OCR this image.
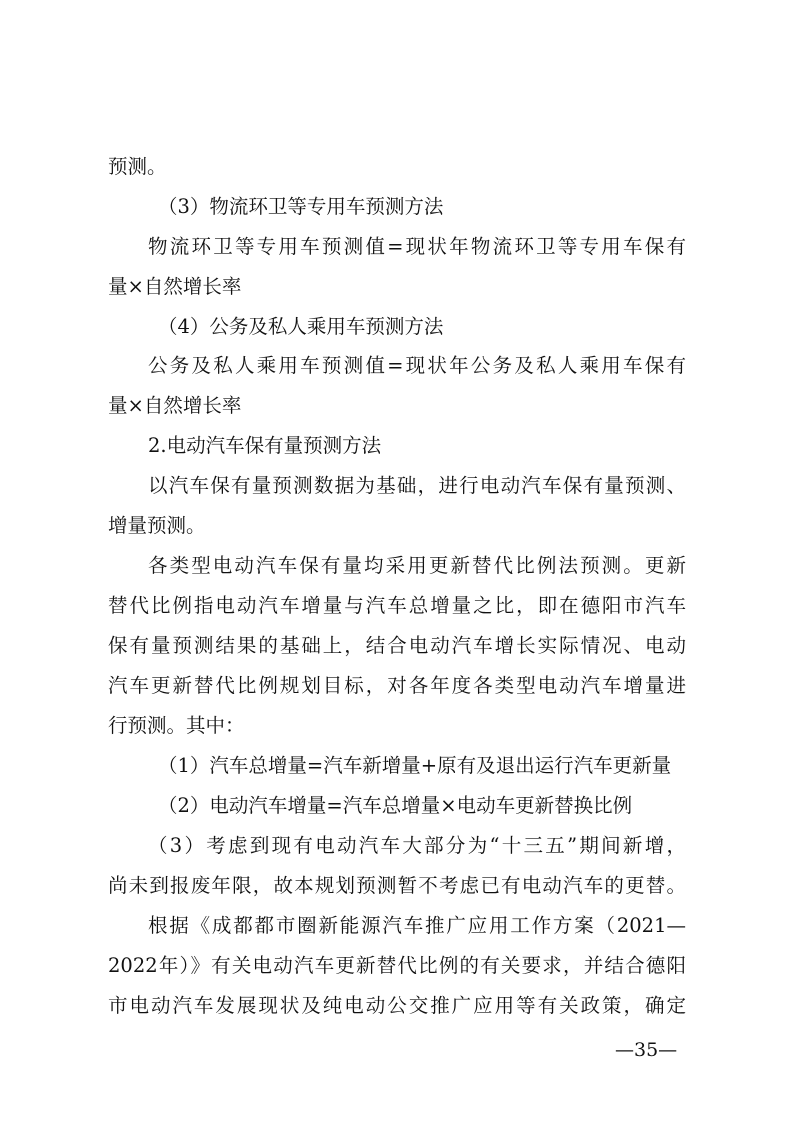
预测。

（3）物流环卫等专用车预测方法

物流环卫等专用车预测值=现状年物流环卫等专用车保有

量×自然增长率

（4）公务及私人乘用车预测方法

公务及私人乘用车预测值=现状年公务及私人乘用车保有

量×自然增长率

2.电动汽车保有量预测方法

以汽车保有量预测数据为基础，进行电动汽车保有量预测、

增量预测。

各类型电动汽车保有量均采用更新替代比例法预测。更新

替代比例指电动汽车增量与汽车总增量之比，即在德阳市汽车

保有量预测结果的基础上，结合电动汽车增长实际情况、电动

汽车更新替代比例规划目标，对各年度各类型电动汽车增量进

行预测。其中：

（1）汽车总增量=汽车新增量+原有及退出运行汽车更新量

（2）电动汽车增量=汽车总增量×电动车更新替换比例

（3）考虑到现有电动汽车大部分为“十三五”期间新增，

尚未到报废年限，故本规划预测暂不考虑已有电动汽车的更替。

根据《成都都市圈新能源汽车推广应用工作方案（2021—

2022年）》有关电动汽车更新替代比例的有关要求，并结合德阳

市电动汽车发展现状及纯电动公交推广应用等有关政策，确定

—35—
